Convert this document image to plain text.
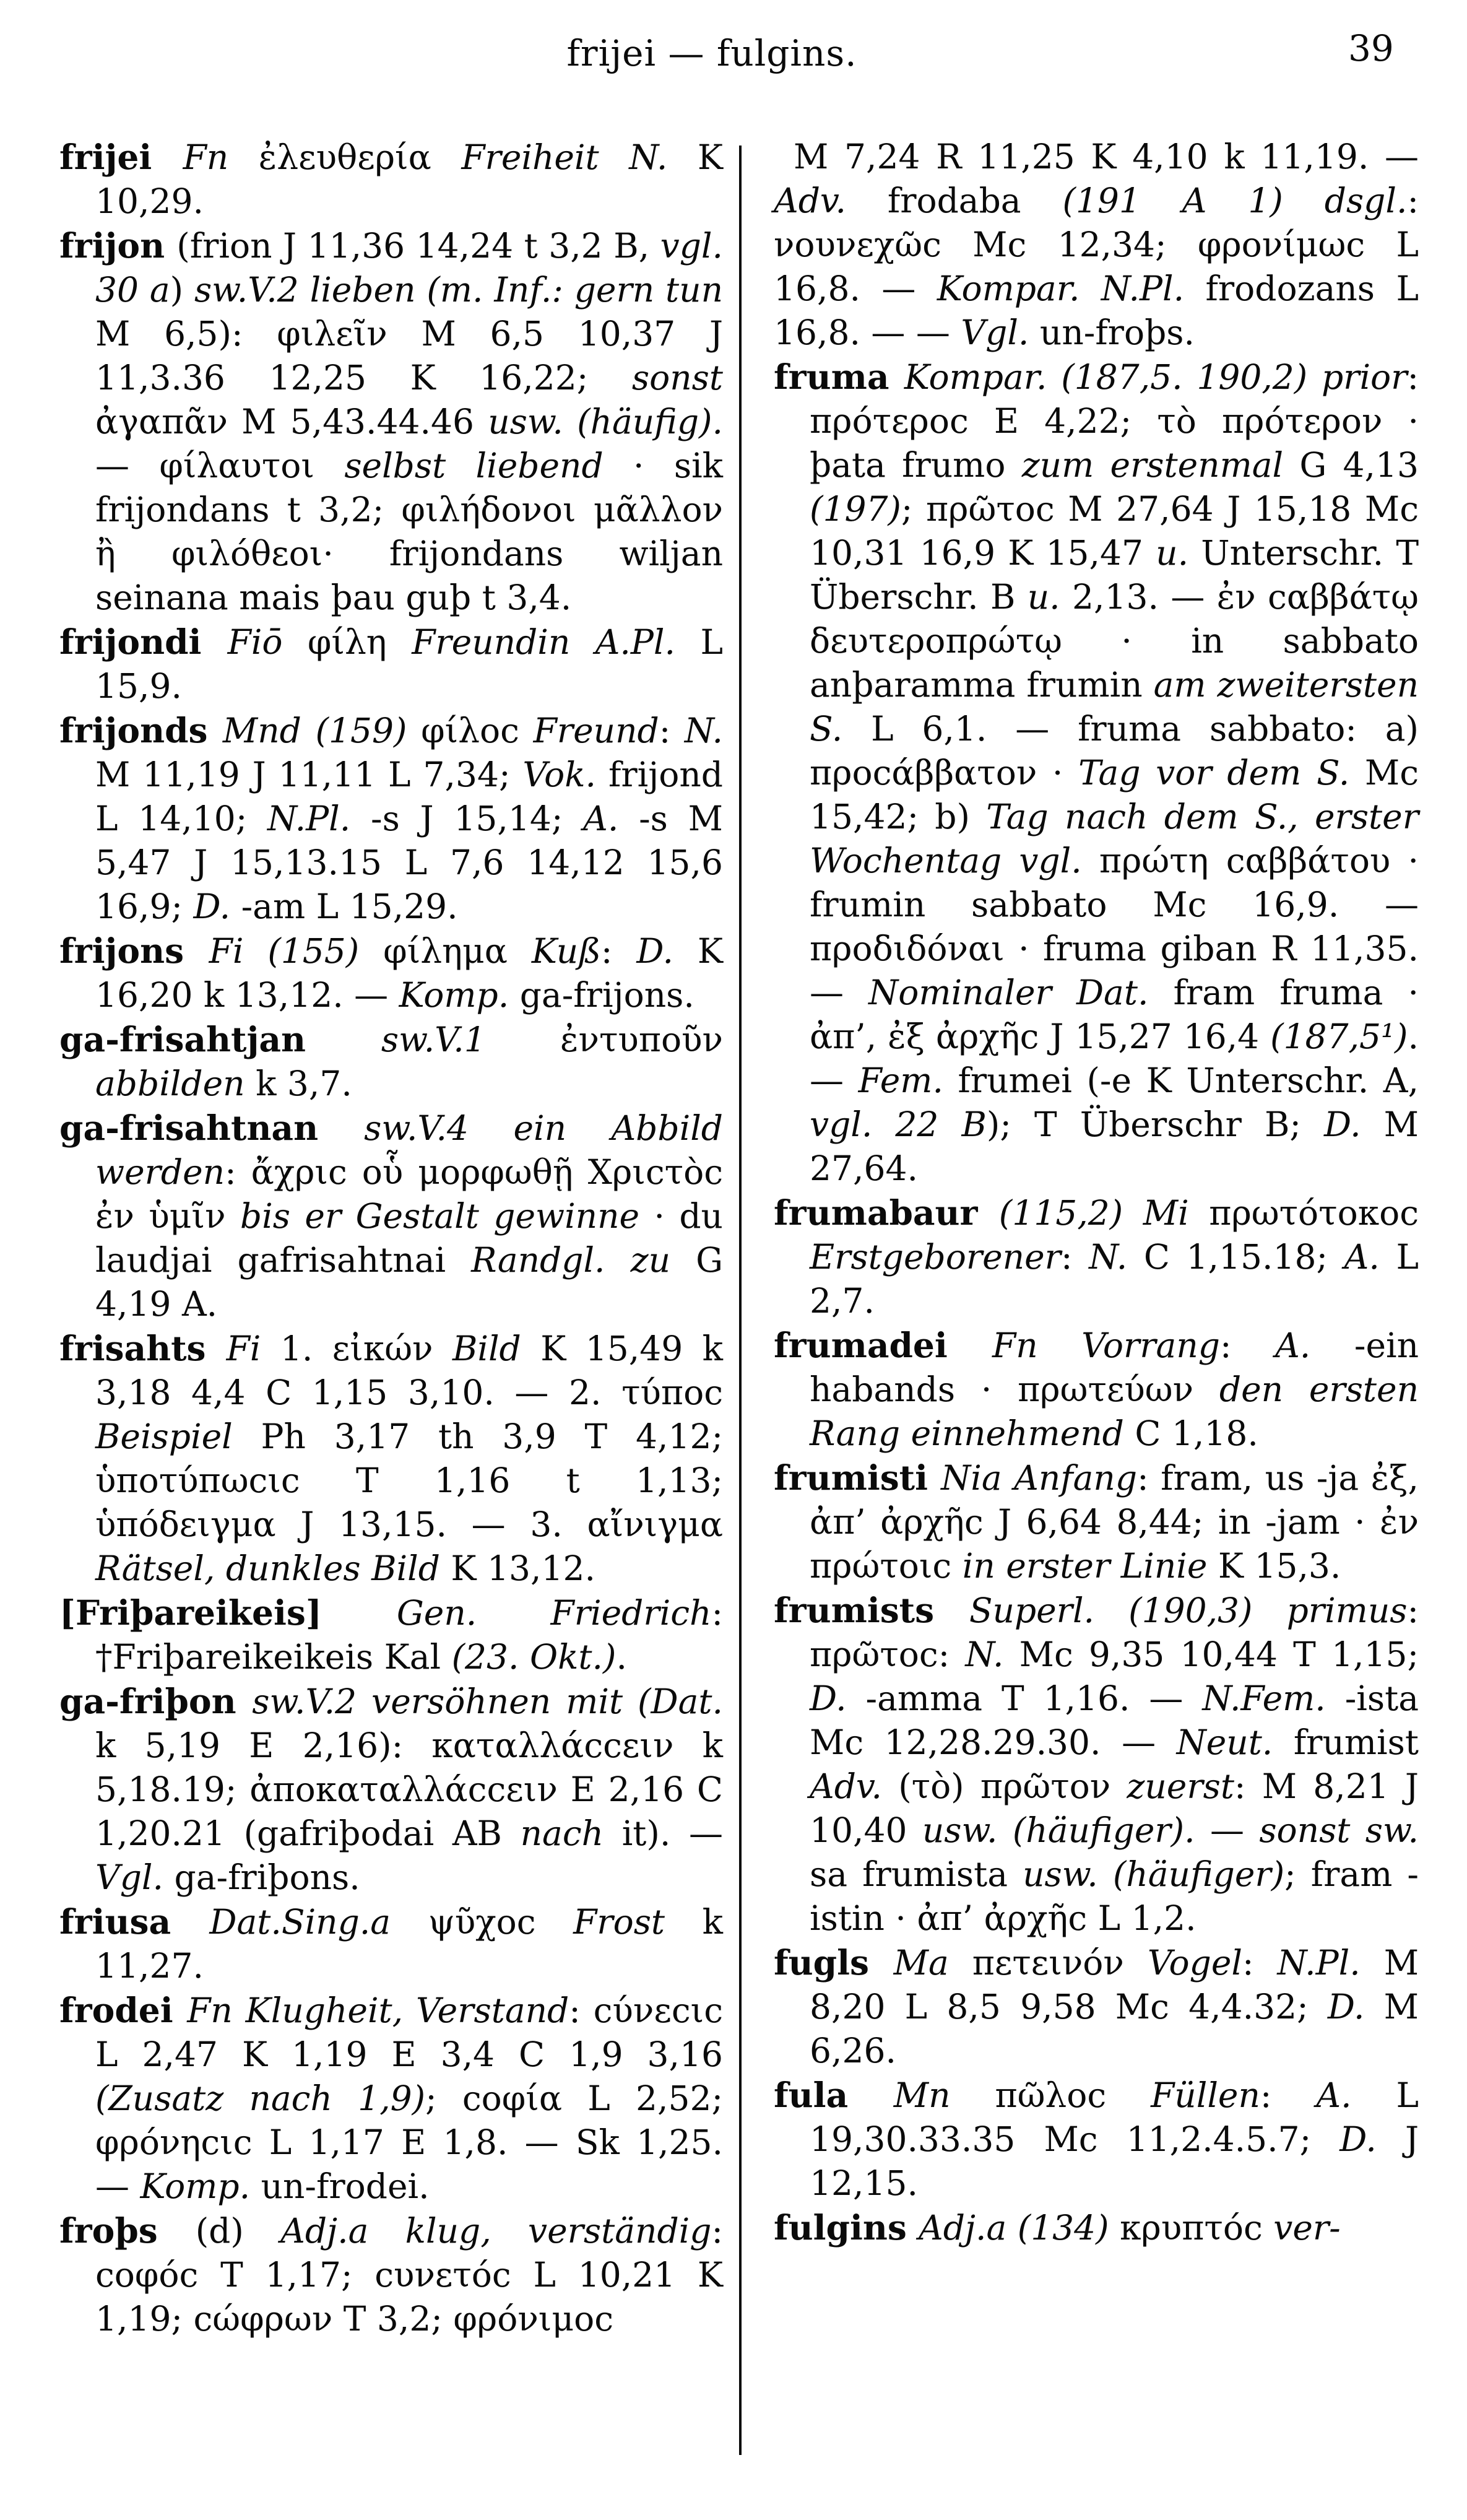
frijei — fulgins.	39

frijei Fn ἐλευθερία Freiheit N. K 10,29.

frijon (frion J 11,36 14,24 t 3,2 B, vgl. 30 a) sw.V.2 lieben (m. Inf.: gern tun M 6,5): φιλεῖν M 6,5 10,37 J 11,3.36 12,25 K 16,22; sonst ἀγαπᾶν M 5,43.44.46 usw. (häufig). — φίλαυτοι selbst liebend · sik frijondans t 3,2; φιλήδονοι μᾶλλον ἢ φιλόθεοι· frijondans wiljan seinana mais þau guþ t 3,4.

frijondi Fiō φίλη Freundin A.Pl. L 15,9.

frijonds Mnd (159) φίλοc Freund: N. M 11,19 J 11,11 L 7,34; Vok. frijond L 14,10; N.Pl. -s J 15,14; A. -s M 5,47 J 15,13.15 L 7,6 14,12 15,6 16,9; D. -am L 15,29.

frijons Fi (155) φίλημα Kuß: D. K 16,20 k 13,12. — Komp. ga-frijons.

ga-frisahtjan sw.V.1 ἐντυποῦν abbilden k 3,7.

ga-frisahtnan sw.V.4 ein Abbild werden: ἄχριc οὗ μορφωθῇ Χριcτὸc ἐν ὑμῖν bis er Gestalt gewinne · du laudjai gafrisahtnai Randgl. zu G 4,19 A.

frisahts Fi 1. εἰκών Bild K 15,49 k 3,18 4,4 C 1,15 3,10. — 2. τύποc Beispiel Ph 3,17 th 3,9 T 4,12; ὑποτύπωcιc T 1,16 t 1,13; ὑπόδειγμα J 13,15. — 3. αἴνιγμα Rätsel, dunkles Bild K 13,12.

[Friþareikeis] Gen. Friedrich: †Friþareikeikeis Kal (23. Okt.).

ga-friþon sw.V.2 versöhnen mit (Dat. k 5,19 E 2,16): καταλλάccειν k 5,18.19; ἀποκαταλλάccειν E 2,16 C 1,20.21 (gafriþodai AB nach it). — Vgl. ga-friþons.

friusa Dat.Sing.a ψῦχοc Frost k 11,27.

frodei Fn Klugheit, Verstand: cύνεcιc L 2,47 K 1,19 E 3,4 C 1,9 3,16 (Zusatz nach 1,9); coφία L 2,52; φρόνηcιc L 1,17 E 1,8. — Sk 1,25. — Komp. un-frodei.

froþs (d) Adj.a klug, verständig: coφόc T 1,17; cυνετόc L 10,21 K 1,19; cώφρων T 3,2; φρόνιμοc

M 7,24 R 11,25 K 4,10 k 11,19. — Adv. frodaba (191 A 1) dsgl.: νουνεχῶc Mc 12,34; φρονίμωc L 16,8. — Kompar. N.Pl. frodozans L 16,8. — — Vgl. un-froþs.

fruma Kompar. (187,5. 190,2) prior: πρότεροc E 4,22; τὸ πρότερον · þata frumo zum erstenmal G 4,13 (197); πρῶτοc M 27,64 J 15,18 Mc 10,31 16,9 K 15,47 u. Unterschr. T Überschr. B u. 2,13. — ἐν cαββάτῳ δευτεροπρώτῳ · in sabbato anþaramma frumin am zweitersten S. L 6,1. — fruma sabbato: a) προcάββατον · Tag vor dem S. Mc 15,42; b) Tag nach dem S., erster Wochentag vgl. πρώτη cαββάτου · frumin sabbato Mc 16,9. — προδιδόναι · fruma giban R 11,35. — Nominaler Dat. fram fruma · ἀπ’, ἐξ ἀρχῆc J 15,27 16,4 (187,5¹). — Fem. frumei (-e K Unterschr. A, vgl. 22 B); T Überschr B; D. M 27,64.

frumabaur (115,2) Mi πρωτότοκοc Erstgeborener: N. C 1,15.18; A. L 2,7.

frumadei Fn Vorrang: A. -ein habands · πρωτεύων den ersten Rang einnehmend C 1,18.

frumisti Nia Anfang: fram, us -ja ἐξ, ἀπ’ ἀρχῆc J 6,64 8,44; in -jam · ἐν πρώτοιc in erster Linie K 15,3.

frumists Superl. (190,3) primus: πρῶτοc: N. Mc 9,35 10,44 T 1,15; D. -amma T 1,16. — N.Fem. -ista Mc 12,28.29.30. — Neut. frumist Adv. (τὸ) πρῶτον zuerst: M 8,21 J 10,40 usw. (häufiger). — sonst sw. sa frumista usw. (häufiger); fram -istin · ἀπ’ ἀρχῆc L 1,2.

fugls Ma πετεινόν Vogel: N.Pl. M 8,20 L 8,5 9,58 Mc 4,4.32; D. M 6,26.

fula Mn πῶλοc Füllen: A. L 19,30.33.35 Mc 11,2.4.5.7; D. J 12,15.

fulgins Adj.a (134) κρυπτόc ver-
